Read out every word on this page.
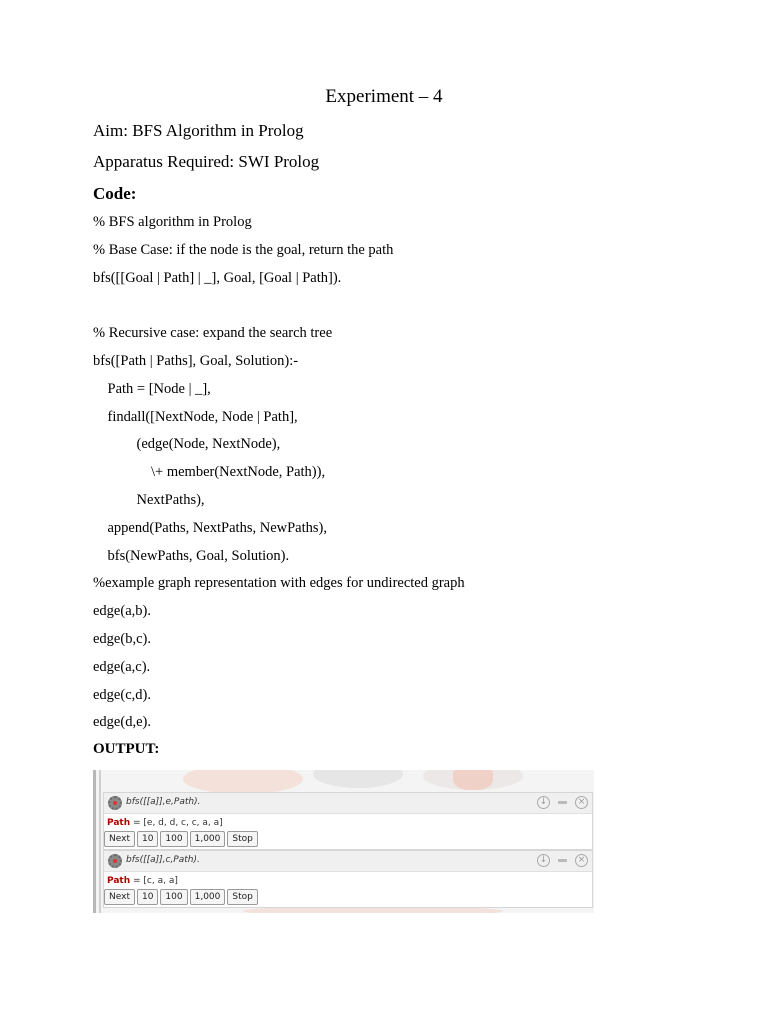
Experiment – 4
Aim: BFS Algorithm in Prolog
Apparatus Required: SWI Prolog
Code:
% BFS algorithm in Prolog
% Base Case: if the node is the goal, return the path
bfs([[Goal | Path] | _], Goal, [Goal | Path]).
% Recursive case: expand the search tree
bfs([Path | Paths], Goal, Solution):-
Path = [Node | _],
findall([NextNode, Node | Path],
(edge(Node, NextNode),
\+ member(NextNode, Path)),
NextPaths),
append(Paths, NextPaths, NewPaths),
bfs(NewPaths, Goal, Solution).
%example graph representation with edges for undirected graph
edge(a,b).
edge(b,c).
edge(a,c).
edge(c,d).
edge(d,e).
OUTPUT:
bfs([[a]],e,Path).	↓	×
Path = [e, d, d, c, c, a, a]
Next 10 100 1,000 Stop
bfs([[a]],c,Path).	↓	×
Path = [c, a, a]
Next 10 100 1,000 Stop
